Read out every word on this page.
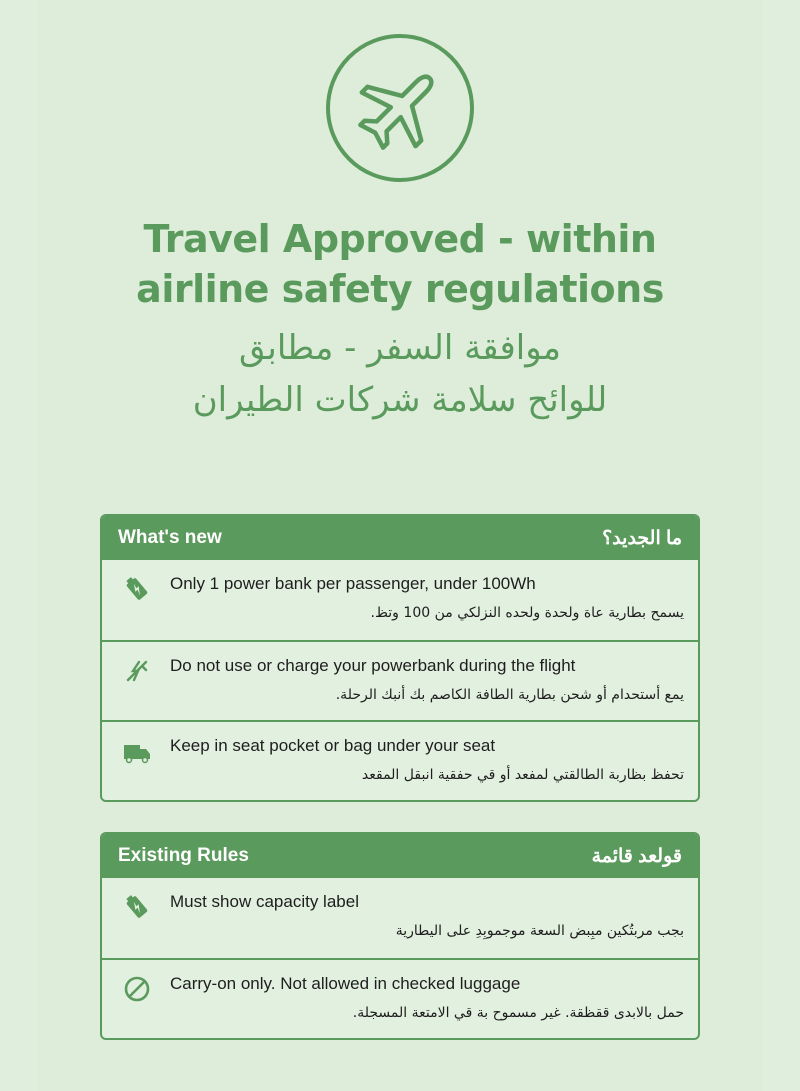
Travel Approved - within
airline safety regulations
موافقة السفر - مطابق
للوائح سلامة شركات الطيران
What's new	ما الجديد؟
Only 1 power bank per passenger, under 100Wh
يسمح بطارية عاة ولحدة ولحده النزلكي من 100 وتظ.
Do not use or charge your powerbank during the flight
يمع أستحدام أو شحن بطارية الطافة الكاصم بك أنبك الرحلة.
Keep in seat pocket or bag under your seat
تحفظ بظاربة الطالقتي لمفعد أو قي حفقية انبقل المقعد
Existing Rules	قولعد قائمة
Must show capacity label
بجب مربتُكين مبِبض السعة موجموبِدِ على اليطارية
Carry-on only. Not allowed in checked luggage
حمل بالابدى ققظقة. غير مسموح بة قي الامتعة المسجلة.
